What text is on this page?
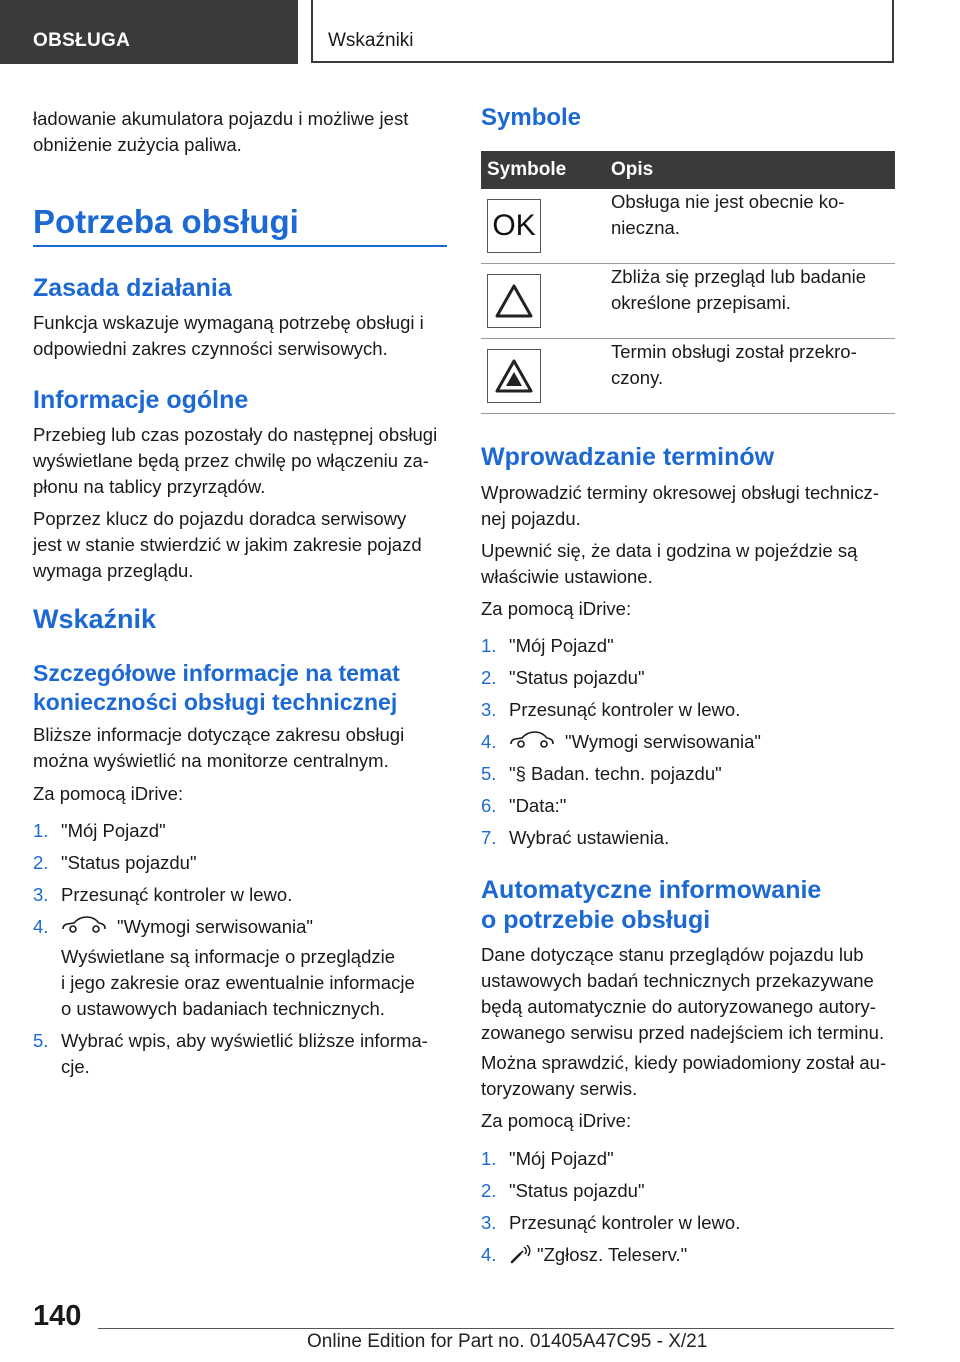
OBSŁUGA	Wskaźniki

ładowanie akumulatora pojazdu i możliwe jest

obniżenie zużycia paliwa.

Potrzeba obsługi
Zasada działania

Funkcja wskazuje wymaganą potrzebę obsługi i

odpowiedni zakres czynności serwisowych.

Informacje ogólne

Przebieg lub czas pozostały do następnej obsługi

wyświetlane będą przez chwilę po włączeniu za-

płonu na tablicy przyrządów.

Poprzez klucz do pojazdu doradca serwisowy

jest w stanie stwierdzić w jakim zakresie pojazd

wymaga przeglądu.

Wskaźnik
Szczegółowe informacje na temat
konieczności obsługi technicznej

Bliższe informacje dotyczące zakresu obsługi

można wyświetlić na monitorze centralnym.

Za pomocą iDrive:

1. "Mój Pojazd"
2. "Status pojazdu"
3. Przesunąć kontroler w lewo.
4.	"Wymogi serwisowania"

Wyświetlane są informacje o przeglądzie

i jego zakresie oraz ewentualnie informacje

o ustawowych badaniach technicznych.

5. Wybrać wpis, aby wyświetlić bliższe informa-

cje.

Symbole
Symbole	Opis

OK	Obsługa nie jest obecnie ko-
nieczna.

Zbliża się przegląd lub badanie
określone przepisami.

Termin obsługi został przekro-
czony.
Wprowadzanie terminów

Wprowadzić terminy okresowej obsługi technicz-

nej pojazdu.

Upewnić się, że data i godzina w pojeździe są

właściwie ustawione.

Za pomocą iDrive:

1. "Mój Pojazd"
2. "Status pojazdu"
3. Przesunąć kontroler w lewo.
4.	"Wymogi serwisowania"
5. "§ Badan. techn. pojazdu"
6. "Data:"
7. Wybrać ustawienia.
Automatyczne informowanie
o potrzebie obsługi

Dane dotyczące stanu przeglądów pojazdu lub

ustawowych badań technicznych przekazywane

będą automatycznie do autoryzowanego autory-

zowanego serwisu przed nadejściem ich terminu.

Można sprawdzić, kiedy powiadomiony został au-

toryzowany serwis.

Za pomocą iDrive:

1. "Mój Pojazd"
2. "Status pojazdu"
3. Przesunąć kontroler w lewo.
4. "Zgłosz. Teleserv."
140
Online Edition for Part no. 01405A47C95 - X/21
